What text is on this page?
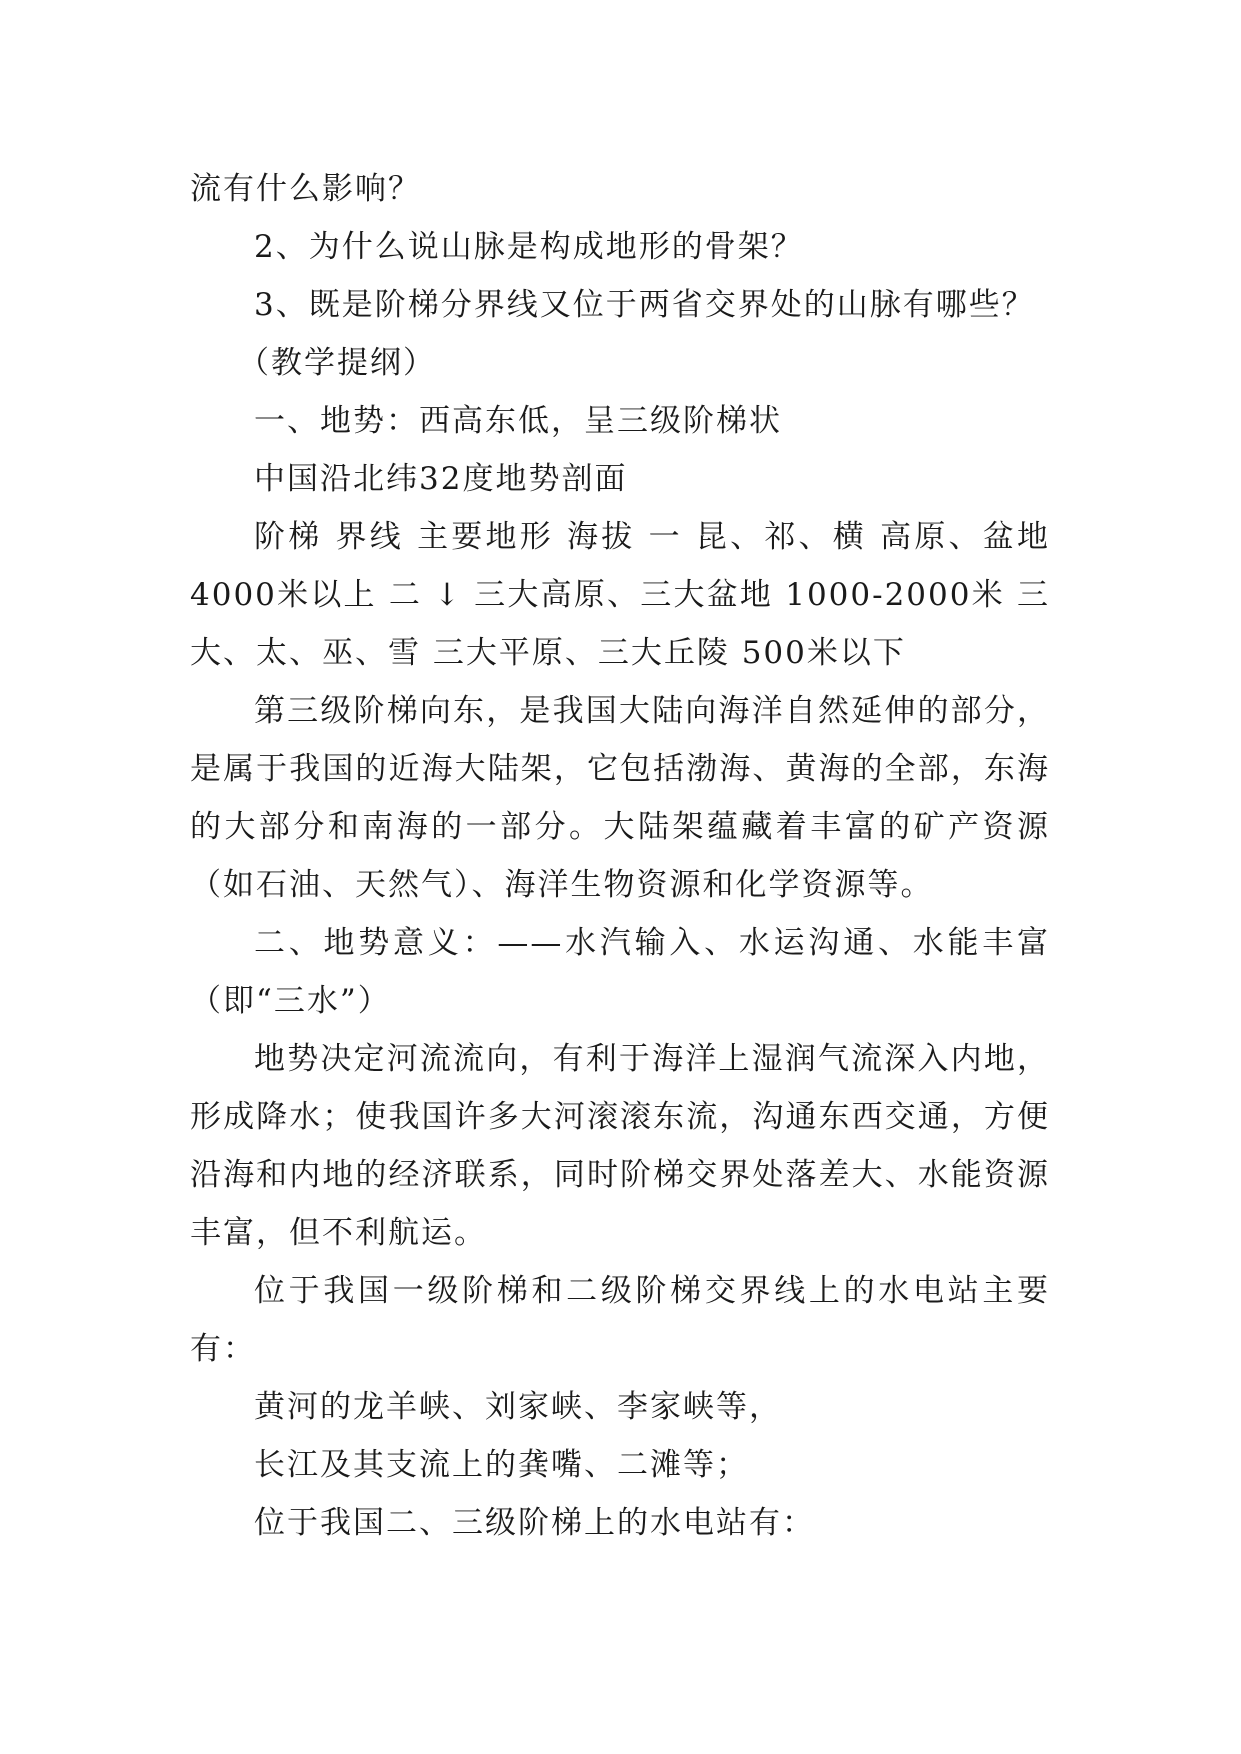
流有什么影响？

2、为什么说山脉是构成地形的骨架？

3、既是阶梯分界线又位于两省交界处的山脉有哪些？

（教学提纲）

一、地势：西高东低，呈三级阶梯状

中国沿北纬32度地势剖面

阶梯 界线 主要地形 海拔 一 昆、祁、横 高原、盆地 4000米以上 二 ↓ 三大高原、三大盆地 1000-2000米 三 大、太、巫、雪 三大平原、三大丘陵 500米以下

第三级阶梯向东，是我国大陆向海洋自然延伸的部分，是属于我国的近海大陆架，它包括渤海、黄海的全部，东海的大部分和南海的一部分。大陆架蕴藏着丰富的矿产资源（如石油、天然气）、海洋生物资源和化学资源等。

二、地势意义：——水汽输入、水运沟通、水能丰富（即“三水”）

地势决定河流流向，有利于海洋上湿润气流深入内地，形成降水；使我国许多大河滚滚东流，沟通东西交通，方便沿海和内地的经济联系，同时阶梯交界处落差大、水能资源丰富，但不利航运。

位于我国一级阶梯和二级阶梯交界线上的水电站主要有：

黄河的龙羊峡、刘家峡、李家峡等，

长江及其支流上的龚嘴、二滩等；

位于我国二、三级阶梯上的水电站有：
